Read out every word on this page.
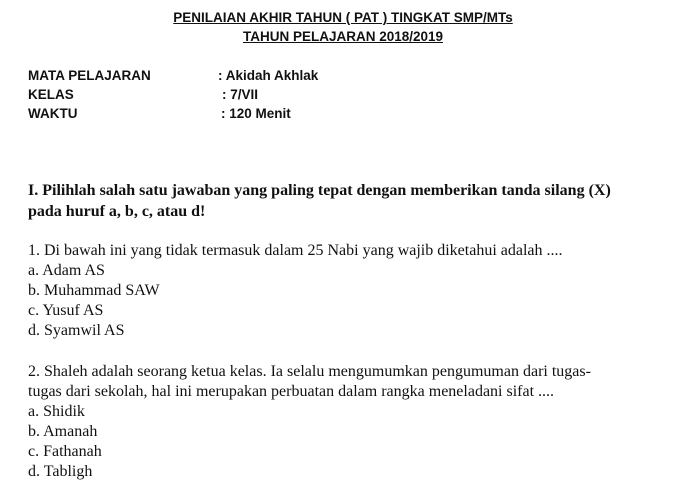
PENILAIAN AKHIR TAHUN ( PAT ) TINGKAT SMP/MTs
TAHUN PELAJARAN 2018/2019
MATA PELAJARAN	: Akidah Akhlak
KELAS	: 7/VII
WAKTU	: 120 Menit
I. Pilihlah salah satu jawaban yang paling tepat dengan memberikan tanda silang (X)
pada huruf a, b, c, atau d!
1. Di bawah ini yang tidak termasuk dalam 25 Nabi yang wajib diketahui adalah ....
a. Adam AS
b. Muhammad SAW
c. Yusuf AS
d. Syamwil AS
2. Shaleh adalah seorang ketua kelas. Ia selalu mengumumkan pengumuman dari tugas-
tugas dari sekolah, hal ini merupakan perbuatan dalam rangka meneladani sifat ....
a. Shidik
b. Amanah
c. Fathanah
d. Tabligh
